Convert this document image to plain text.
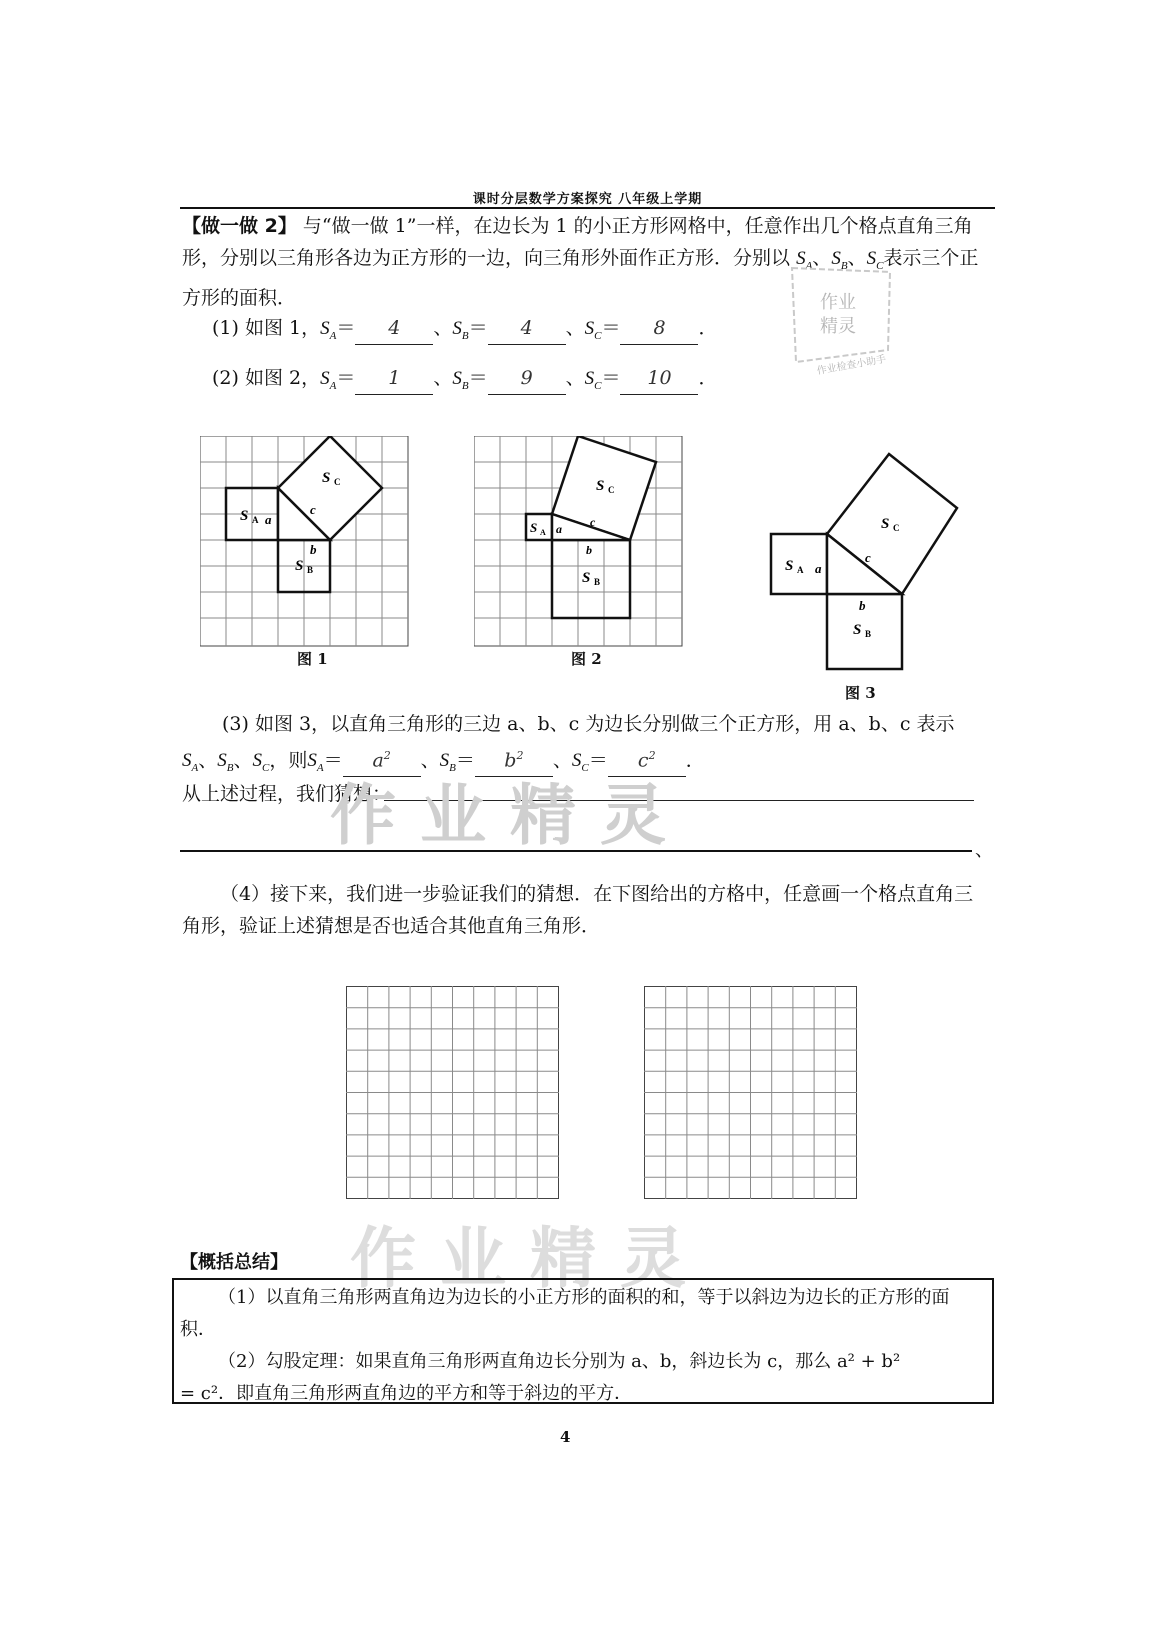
课时分层数学方案探究 八年级上学期
【做一做 2】 与“做一做 1”一样，在边长为 1 的小正方形网格中，任意作出几个格点直角三角形，分别以三角形各边为正方形的一边，向三角形外面作正方形．分别以 $S_A$、$S_B$、$S_C$表示三个正方形的面积．	作业
精灵
作业检查小助手
(1) 如图 1，$S_A= 4$ 、$S_B= 4$ 、$S_C= 8$ ．
(2) 如图 2，$S_A= 1$ 、$S_B= 9$ 、$S_C= 10$ ．
S A a
c
S C
b
S B
图 1
S A a c
S C
b
S B
图 2
S A a
c
S C
b
S B
图 3
(3) 如图 3，以直角三角形的三边 a、b、c 为边长分别做三个正方形，用 a、b、c 表示
$S_A$、$S_B$、$S_C$，则$S_A= a^2$ 、$S_B= b^2$ 、$S_C= c^2$ ．
从上述过程，我们猜想：
、
作业精灵
（4）接下来，我们进一步验证我们的猜想．在下图给出的方格中，任意画一个格点直角三角形，验证上述猜想是否也适合其他直角三角形．
作业精灵
【概括总结】
（1）以直角三角形两直角边为边长的小正方形的面积的和，等于以斜边为边长的正方形的面积．
（2）勾股定理：如果直角三角形两直角边长分别为 a、b，斜边长为 c，那么 a² + b²
= c²．即直角三角形两直角边的平方和等于斜边的平方．
4
